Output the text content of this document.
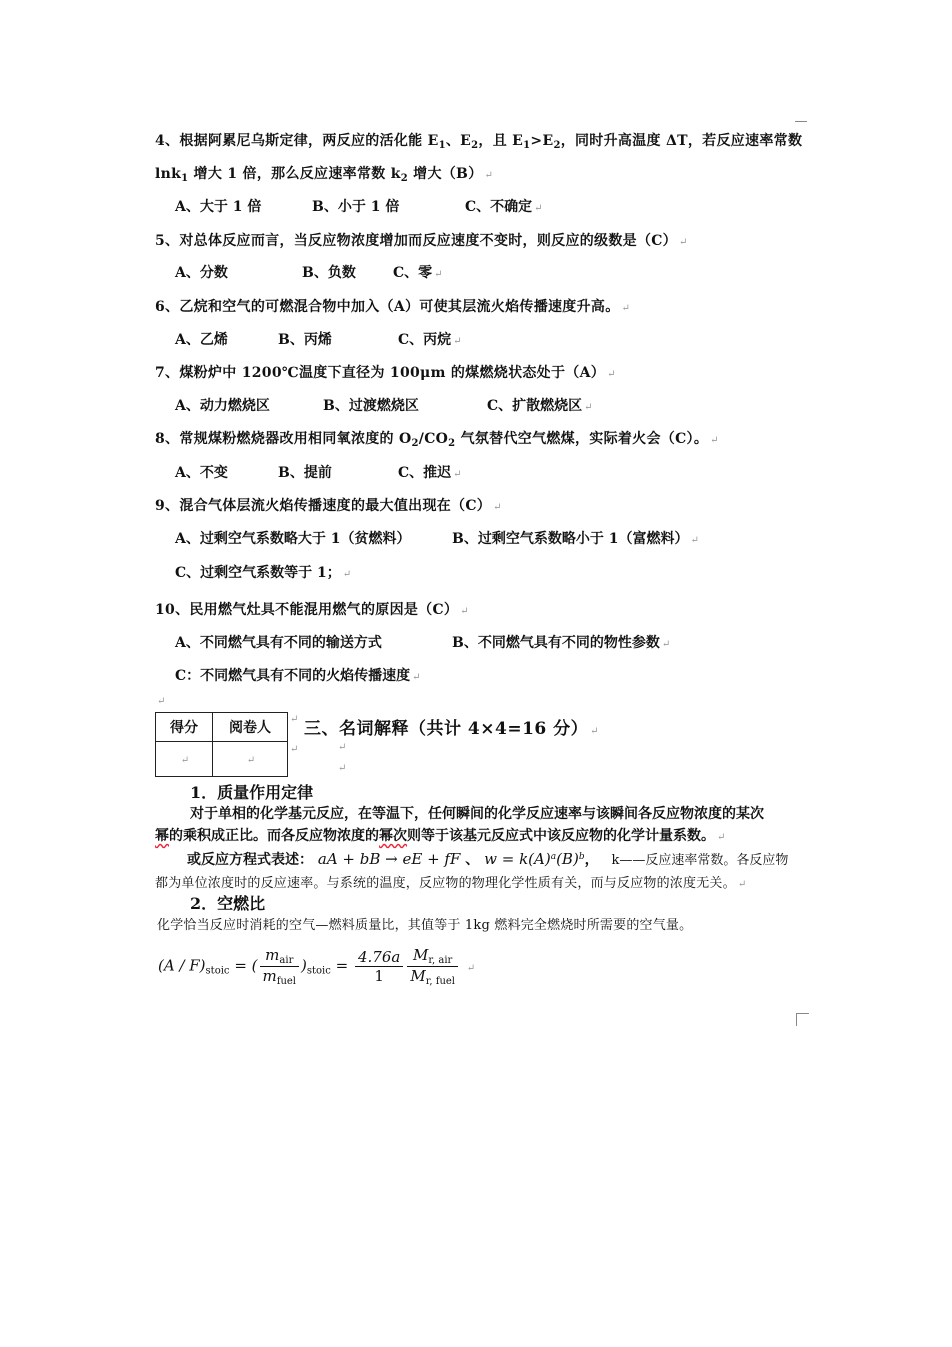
4、根据阿累尼乌斯定律，两反应的活化能 $E_1$、$E_2$，且 $E_1>E_2$，同时升高温度 ΔT，若反应速率常数
lnk$_1$ 增大 1 倍，那么反应速率常数 $k_2$ 增大（B） ↵
A、大于 1 倍	B、小于 1 倍	C、不确定 ↵
5、对总体反应而言，当反应物浓度增加而反应速度不变时，则反应的级数是（C） ↵
A、分数	B、负数	C、零 ↵
6、乙烷和空气的可燃混合物中加入（A）可使其层流火焰传播速度升高。 ↵
A、乙烯	B、丙烯	C、丙烷 ↵
7、煤粉炉中 1200℃温度下直径为 100μm 的煤燃烧状态处于（A） ↵
A、动力燃烧区	B、过渡燃烧区	C、扩散燃烧区 ↵
8、常规煤粉燃烧器改用相同氧浓度的 $O_2/CO_2$ 气氛替代空气燃煤，实际着火会（C）。 ↵
A、不变	B、提前	C、推迟 ↵
9、混合气体层流火焰传播速度的最大值出现在（C） ↵
A、过剩空气系数略大于 1（贫燃料）	B、过剩空气系数略小于 1（富燃料） ↵
C、过剩空气系数等于 1； ↵
10、民用燃气灶具不能混用燃气的原因是（C） ↵
A、不同燃气具有不同的输送方式	B、不同燃气具有不同的物性参数 ↵
C：不同燃气具有不同的火焰传播速度 ↵
↵
得分	阅卷人
↵	↵
↵
↵
三、名词解释（共计 4×4=16 分） ↵
↵
↵
1．质量作用定律
对于单相的化学基元反应，在等温下，任何瞬间的化学反应速率与该瞬间各反应物浓度的某次
幂的乘积成正比。而各反应物浓度的幂次则等于该基元反应式中该反应物的化学计量系数。 ↵
或反应方程式表述： aA + bB → eE + fF 、 $w = k(A)^a(B)^b$， k——反应速率常数。各反应物
都为单位浓度时的反应速率。与系统的温度，反应物的物理化学性质有关，而与反应物的浓度无关。 ↵
2．空燃比
化学恰当反应时消耗的空气—燃料质量比，其值等于 1kg 燃料完全燃烧时所需要的空气量。
$(A / F)_{stoic}$ = ( $\frac{m_{air}}{m_{fuel}} )_{stoic} = \frac{4.76a}{1} \frac{M_{r, air}}{M_{r, fuel}}$ ↵
